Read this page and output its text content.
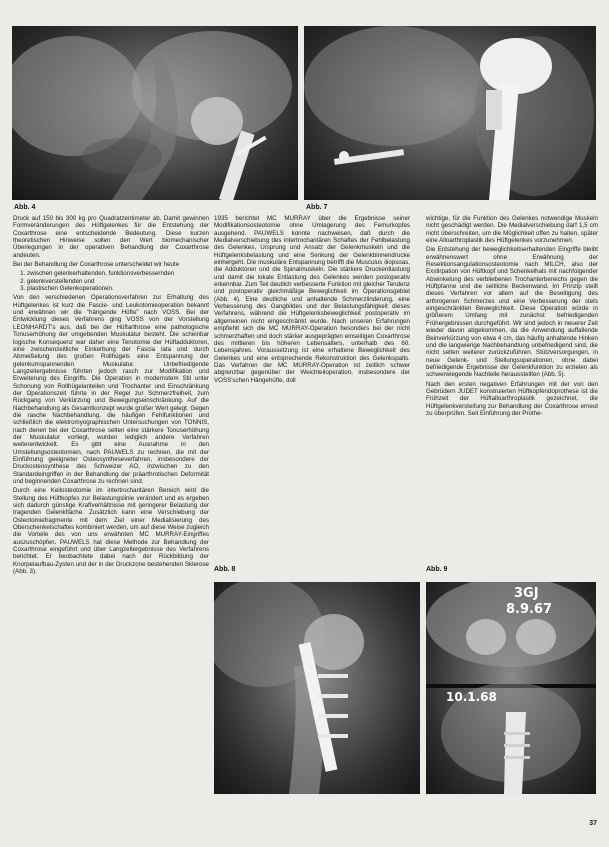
Abb. 4	Abb. 7

Druck auf 150 bis 300 kg pro Quadratzentimeter ab. Damit gewinnen Formveränderungen des Hüftgelenkes für die Entstehung der Coxarthrose eine entscheidende Bedeutung. Diese kurzen theoretischen Hinweise sollen den Wert biomechanischer Überlegungen in der operativen Behandlung der Coxarthrose andeuten.

Bei der Behandlung der Coxarthrose unterscheidet wir heute

1. zwischen gelenkerhaltenden, funktionsverbessernden
2. gelenkversteifenden und
3. plastischen Gelenkoperationen.

Von den verschiedenen Operationsverfahren zur Erhaltung des Hüftgelenkes ist kurz die Fascie- und Leukotomieoperation bekannt und erwähnen wir die "hängende Hüfte" nach VOSS. Bei der Entwicklung dieses Verfahrens ging VOSS von der Vorstellung LEONHARDT's aus, daß bei der Hüftarthrose eine pathologische Tonuserhöhung der umgebenden Muskulatur besteht. Die scheinbar logische Konsequenz war daher eine Tenotomie der Hüftadduktoren, eine zwischenzeitliche Einkerbung der Fascia lata und durch Abmeißelung des großen Rollhügels eine Entspannung der gelenkumspannenden Muskulatur. Unbefriedigende Langzeitergebnisse führten jedoch rasch zur Modifikation und Erweiterung des Eingriffs. Die Operation in modernstem Stil unter Schonung von Rollhügelanteilen und Trochanter und Einschränkung der Operationszeit führte in der Regel zur Schmerzfreiheit, zum Rückgang von Verkürzung und Bewegungseinschränkung. Auf die Nachbehandlung als Gesamtkonzept wurde großer Wert gelegt. Gegen die rasche Nachbehandlung, die häufigen Fehlfunktionen und schließlich die elektromyographischen Untersuchungen von TONNIS, nach denen bei der Coxarthrose selten eine stärkere Tonuserhöhung der Muskulatur vorliegt, wurden lediglich andere Verfahren weiterentwickelt. Es gibt eine Ausnahme in den Umstellungsosteotomien, nach PAUWELS zu rechnen, die mit der Einführung geeigneter Osteosyntheseverfahren, insbesondere der Druckosteosynthese des Schweizer AO, inzwischen zu den Standardeingriffen in der Behandlung der präarthrotischen Deformität und beginnenden Coxarthrose zu rechnen sind.

Durch eine Keilosteotomie im intertrochantären Bereich wird die Stellung des Hüftkopfes zur Belastungslinie verändert und es ergeben sich dadurch günstige Kraftverhältnisse mit geringerer Belastung der tragenden Gelenkfläche. Zusätzlich kann eine Verschiebung der Osteotomiefragmente mit dem Ziel einer Medialisierung des Oberschenkelschaftes kombiniert werden, um auf diese Weise zugleich die Vorteile des von uns erwähnten MC MURRAY-Eingriffes auszuschöpfen. PAUWELS hat diese Methode zur Behandlung der Coxarthrose eingeführt und über Langzeitergebnisse des Verfahrens berichtet. Er beobachtete dabei nach der Rückbildung der Knorpelaufbau-Zysten und der in der Druckzone bestehenden Sklerose (Abb. 3).

1935 berichtet MC MURRAY über die Ergebnisse seiner Modifikationsosteotomie ohne Umlagerung des Femurkopfes ausgehend. PAUWELS konnte nachweisen, daß durch die Medialverschiebung des intertrochantären Schaftes der Fehlbelastung des Gelenkes, Ursprung und Ansatz der Gelenkmuskeln und die Hüftgelenksbelastung und eine Senkung der Gelenkbinnendrucke einhergeht. Die muskuläre Entspannung betrifft die Musculus iliopsoas, die Adduktoren und die Spinalmuskeln. Die stärkere Druckentlastung und damit die lokale Entlastung des Gelenkes werden postoperativ erkennbar. Zum Teil deutlich verbesserte Funktion mit gleicher Tendenz und postoperativ gleichmäßige Beweglichkeit im Operationsgebiet (Abb. 4). Eine deutliche und anhaltende Schmerzlinderung, eine Verbesserung des Gangbildes und der Belastungsfähigkeit dieses Verfahrens, während die Hüftgelenksbeweglichkeit postoperativ im allgemeinen nicht eingeschränkt wurde. Nach unseren Erfahrungen empfiehlt sich die MC MURRAY-Operation besonders bei der nicht schmerzhaften und doch stärker ausgeprägten einseitigen Coxarthrose des mittleren bis höheren Lebensalters, unterhalb des 60. Lebensjahres. Voraussetzung ist eine erhaltene Beweglichkeit des Gelenkes und eine entsprechende Rekonstruktion des Gelenkspalts. Das Verfahren der MC MURRAY-Operation ist zeitlich schwer abgrenzbar gegenüber der Weichteiloperation, insbesondere der VOSS'schen Hängehüfte, doll

wichtige, für die Funktion des Gelenkes notwendige Muskeln nicht geschädigt werden. Die Medialverschiebung darf 1,5 cm nicht überschreiten, um die Möglichkeit offen zu halten, später eine Alloarthroplastik des Hüftgelenkes vorzunehmen.

Die Entstehung der beweglichkeitserhaltenden Eingriffe bleibt erwähnenswert ohne Erwähnung der Resektionsangulationsosteotomie nach MILCH, also der Exstirpation von Hüftkopf und Schenkelhals mit nachfolgender Abwinkelung des verbliebenen Trochanterbereichs gegen die Hüftpfanne und die seitliche Beckenwand. Im Prinzip stellt dieses Verfahren vor allem auf die Beseitigung des arthrogenen Schmerzes und eine Verbesserung der stets eingeschränkten Beweglichkeit. Diese Operation würde in größerem Umfang mit zunächst befriedigenden Frühergebnissen durchgeführt. Wir sind jedoch in neuerer Zeit wieder davon abgekommen, da die Anwendung auffallende Beinverkürzung von etwa 4 cm, das häufig anhaltende Hinken und die langwierige Nachbehandlung unbefriedigend sind, die nicht selten weiterer zurückzuführen. Stützversorgungen, in neue Gelenk- und Stellungsoperationen, ohne dabei befriedigende Ergebnisse der Gelenkfunktion zu erzielen als schwerwiegende Nachteile herausstellten (Abb. 5).

Nach den ersten negativen Erfahrungen mit der von den Gebrüdern JUDET konstruierten Hüftkopfendoprothese ist die Frühzeit der Hüftalloarthroplastik gezeichnet, die Hüftgelenkversteifung zur Behandlung der Coxarthrose erneut zu überprüfen. Seit Einführung der Prothe-

Abb. 8	Abb. 9
3GJ
8.9.67
10.1.68
37
